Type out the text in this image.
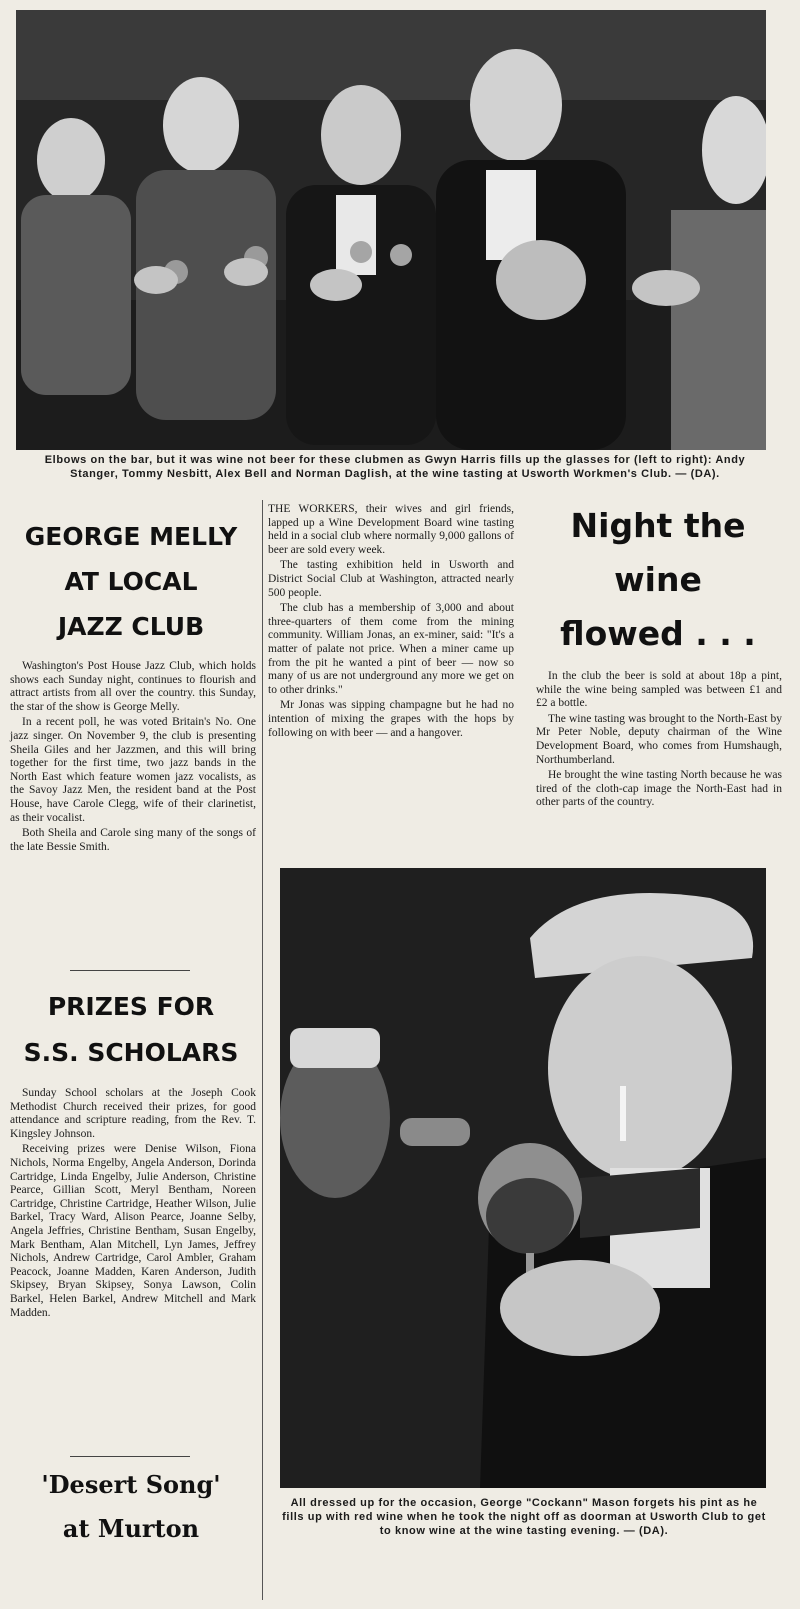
Elbows on the bar, but it was wine not beer for these clubmen as Gwyn Harris fills up the glasses for (left to right): Andy Stanger, Tommy Nesbitt, Alex Bell and Norman Daglish, at the wine tasting at Usworth Workmen's Club. — (DA).
GEORGE MELLY
AT LOCAL
JAZZ CLUB

Washington's Post House Jazz Club, which holds shows each Sunday night, continues to flourish and attract artists from all over the country. this Sunday, the star of the show is George Melly.

In a recent poll, he was voted Britain's No. One jazz singer. On November 9, the club is presenting Sheila Giles and her Jazzmen, and this will bring together for the first time, two jazz bands in the North East which feature women jazz vocalists, as the Savoy Jazz Men, the resident band at the Post House, have Carole Clegg, wife of their clarinetist, as their vocalist.

Both Sheila and Carole sing many of the songs of the late Bessie Smith.

PRIZES FOR
S.S. SCHOLARS

Sunday School scholars at the Joseph Cook Methodist Church received their prizes, for good attendance and scripture reading, from the Rev. T. Kingsley Johnson.

Receiving prizes were Denise Wilson, Fiona Nichols, Norma Engelby, Angela Anderson, Dorinda Cartridge, Linda Engelby, Julie Anderson, Christine Pearce, Gillian Scott, Meryl Bentham, Noreen Cartridge, Christine Cartridge, Heather Wilson, Julie Barkel, Tracy Ward, Alison Pearce, Joanne Selby, Angela Jeffries, Christine Bentham, Susan Engelby, Mark Bentham, Alan Mitchell, Lyn James, Jeffrey Nichols, Andrew Cartridge, Carol Ambler, Graham Peacock, Joanne Madden, Karen Anderson, Judith Skipsey, Bryan Skipsey, Sonya Lawson, Colin Barkel, Helen Barkel, Andrew Mitchell and Mark Madden.

'Desert Song'
at Murton

THE WORKERS, their wives and girl friends, lapped up a Wine Development Board wine tasting held in a social club where normally 9,000 gallons of beer are sold every week.

The tasting exhibition held in Usworth and District Social Club at Washington, attracted nearly 500 people.

The club has a membership of 3,000 and about three-quarters of them come from the mining community. William Jonas, an ex-miner, said: "It's a matter of palate not price. When a miner came up from the pit he wanted a pint of beer — now so many of us are not underground any more we get on to other drinks."

Mr Jonas was sipping champagne but he had no intention of mixing the grapes with the hops by following on with beer — and a hangover.

Night the
wine
flowed . . .

In the club the beer is sold at about 18p a pint, while the wine being sampled was between £1 and £2 a bottle.

The wine tasting was brought to the North-East by Mr Peter Noble, deputy chairman of the Wine Development Board, who comes from Humshaugh, Northumberland.

He brought the wine tasting North because he was tired of the cloth-cap image the North-East had in other parts of the country.

All dressed up for the occasion, George "Cockann" Mason forgets his pint as he fills up with red wine when he took the night off as doorman at Usworth Club to get to know wine at the wine tasting evening. — (DA).
